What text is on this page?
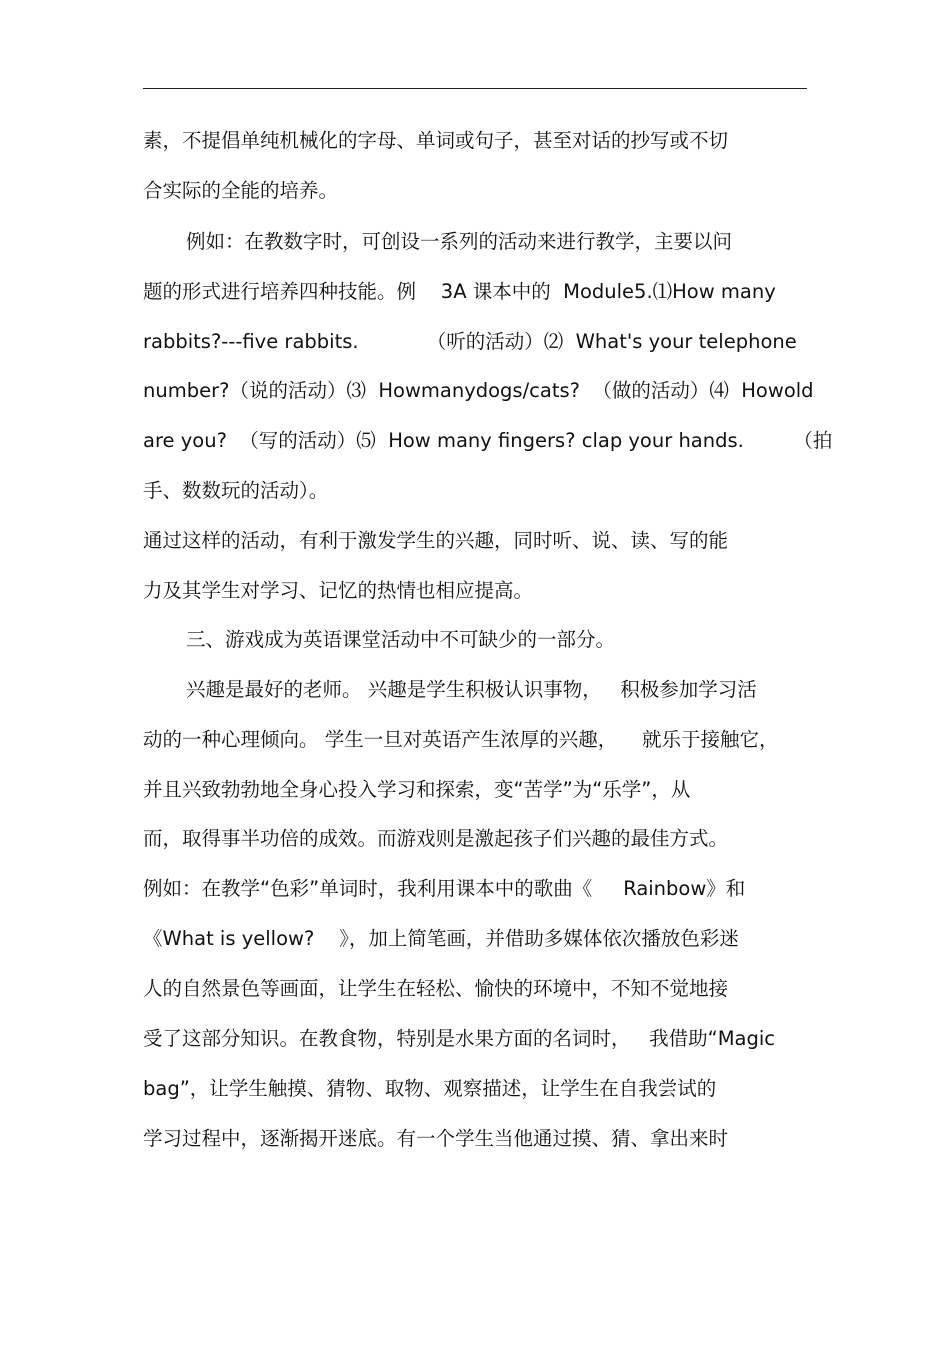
素，不提倡单纯机械化的字母、单词或句子，甚至对话的抄写或不切
合实际的全能的培养。
例如：在教数字时，可创设一系列的活动来进行教学，主要以问
题的形式进行培养四种技能。例    3A 课本中的  Module5.⑴How many
rabbits?---five rabbits.           （听的活动）⑵  What's your telephone
number?（说的活动）⑶  Howmanydogs/cats?  （做的活动）⑷  Howold
are you?  （写的活动）⑸  How many fingers? clap your hands.        （拍
手、数数玩的活动）。
通过这样的活动，有利于激发学生的兴趣，同时听、说、读、写的能
力及其学生对学习、记忆的热情也相应提高。
三、游戏成为英语课堂活动中不可缺少的一部分。
兴趣是最好的老师。 兴趣是学生积极认识事物，   积极参加学习活
动的一种心理倾向。 学生一旦对英语产生浓厚的兴趣，    就乐于接触它，
并且兴致勃勃地全身心投入学习和探索，变“苦学”为“乐学”，从
而，取得事半功倍的成效。而游戏则是激起孩子们兴趣的最佳方式。
例如：在教学“色彩”单词时，我利用课本中的歌曲《     Rainbow》和
《What is yellow?    》，加上简笔画，并借助多媒体依次播放色彩迷
人的自然景色等画面，让学生在轻松、愉快的环境中，不知不觉地接
受了这部分知识。在教食物，特别是水果方面的名词时，   我借助“Magic
bag”，让学生触摸、猜物、取物、观察描述，让学生在自我尝试的
学习过程中，逐渐揭开迷底。有一个学生当他通过摸、猜、拿出来时
